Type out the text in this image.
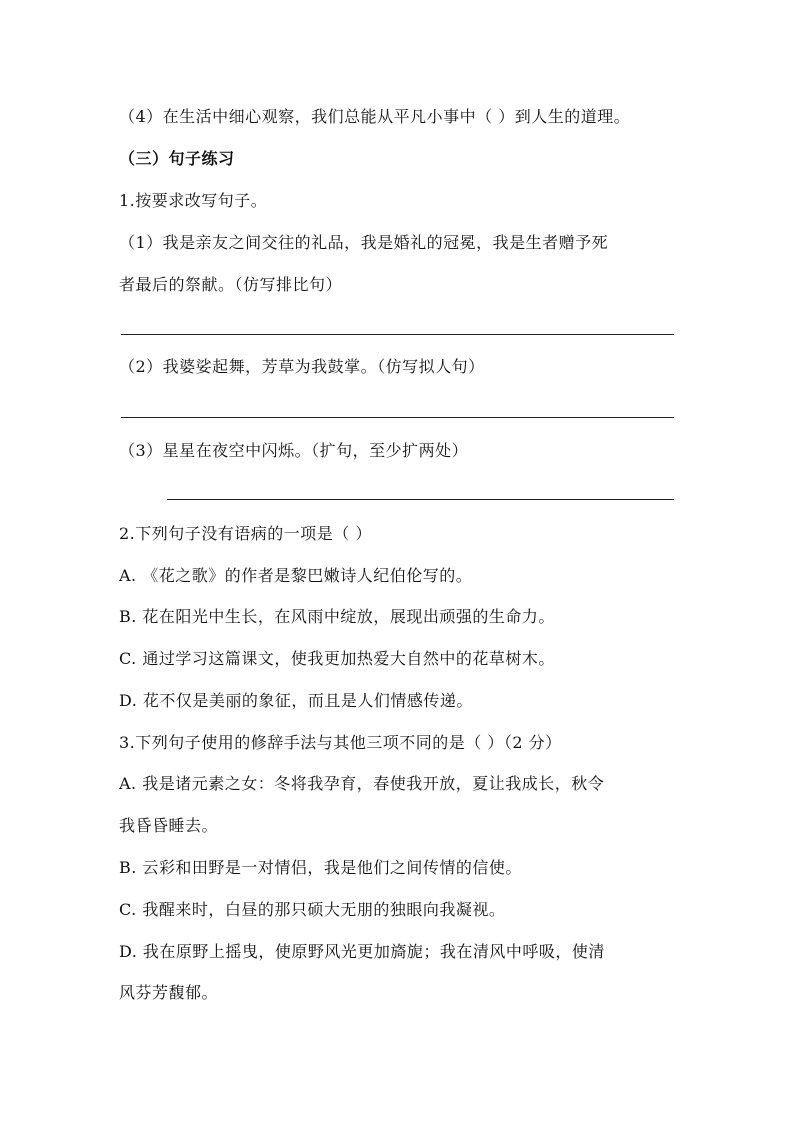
（4）在生活中细心观察，我们总能从平凡小事中（ ）到人生的道理。
（三）句子练习
1.按要求改写句子。
（1）我是亲友之间交往的礼品，我是婚礼的冠冕，我是生者赠予死
者最后的祭献。（仿写排比句）
（2）我婆娑起舞，芳草为我鼓掌。（仿写拟人句）
（3）星星在夜空中闪烁。（扩句，至少扩两处）
2.下列句子没有语病的一项是（ ）
A. 《花之歌》的作者是黎巴嫩诗人纪伯伦写的。
B. 花在阳光中生长，在风雨中绽放，展现出顽强的生命力。
C. 通过学习这篇课文，使我更加热爱大自然中的花草树木。
D. 花不仅是美丽的象征，而且是人们情感传递。
3.下列句子使用的修辞手法与其他三项不同的是（ ）（2 分）
A. 我是诸元素之女：冬将我孕育，春使我开放，夏让我成长，秋令
我昏昏睡去。
B. 云彩和田野是一对情侣，我是他们之间传情的信使。
C. 我醒来时，白昼的那只硕大无朋的独眼向我凝视。
D. 我在原野上摇曳，使原野风光更加旖旎；我在清风中呼吸，使清
风芬芳馥郁。
